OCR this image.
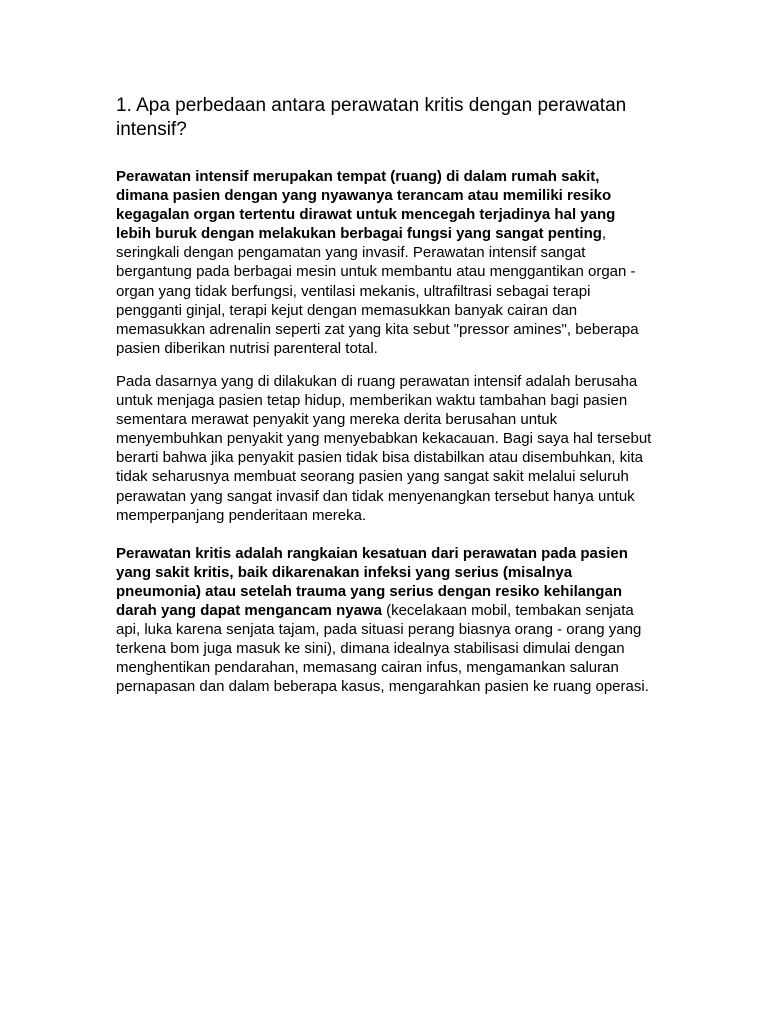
1. Apa perbedaan antara perawatan kritis dengan perawatan intensif?

Perawatan intensif merupakan tempat (ruang) di dalam rumah sakit, dimana pasien dengan yang nyawanya terancam atau memiliki resiko kegagalan organ tertentu dirawat untuk mencegah terjadinya hal yang lebih buruk dengan melakukan berbagai fungsi yang sangat penting, seringkali dengan pengamatan yang invasif. Perawatan intensif sangat bergantung pada berbagai mesin untuk membantu atau menggantikan organ - organ yang tidak berfungsi, ventilasi mekanis, ultrafiltrasi sebagai terapi pengganti ginjal, terapi kejut dengan memasukkan banyak cairan dan memasukkan adrenalin seperti zat yang kita sebut "pressor amines", beberapa pasien diberikan nutrisi parenteral total.

Pada dasarnya yang di dilakukan di ruang perawatan intensif adalah berusaha untuk menjaga pasien tetap hidup, memberikan waktu tambahan bagi pasien sementara merawat penyakit yang mereka derita berusahan untuk menyembuhkan penyakit yang menyebabkan kekacauan. Bagi saya hal tersebut berarti bahwa jika penyakit pasien tidak bisa distabilkan atau disembuhkan, kita tidak seharusnya membuat seorang pasien yang sangat sakit melalui seluruh perawatan yang sangat invasif dan tidak menyenangkan tersebut hanya untuk memperpanjang penderitaan mereka.

Perawatan kritis adalah rangkaian kesatuan dari perawatan pada pasien yang sakit kritis, baik dikarenakan infeksi yang serius (misalnya pneumonia) atau setelah trauma yang serius dengan resiko kehilangan darah yang dapat mengancam nyawa (kecelakaan mobil, tembakan senjata api, luka karena senjata tajam, pada situasi perang biasnya orang - orang yang terkena bom juga masuk ke sini), dimana idealnya stabilisasi dimulai dengan menghentikan pendarahan, memasang cairan infus, mengamankan saluran pernapasan dan dalam beberapa kasus, mengarahkan pasien ke ruang operasi.
